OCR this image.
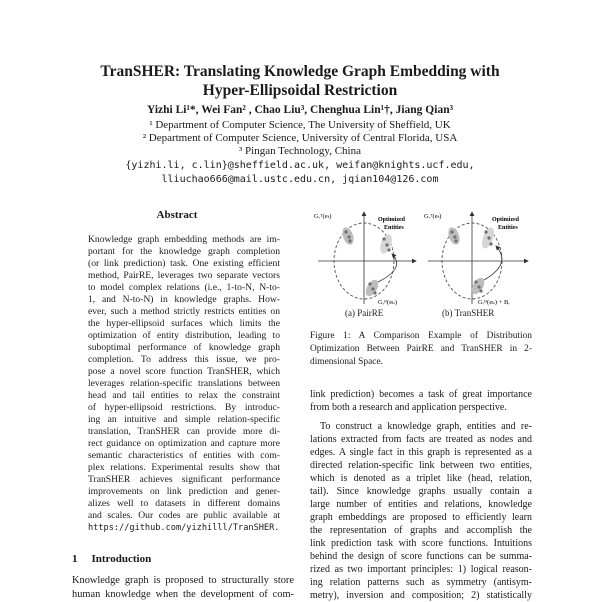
TranSHER: Translating Knowledge Graph Embedding with
Hyper-Ellipsoidal Restriction
Yizhi Li¹*, Wei Fan² , Chao Liu³, Chenghua Lin¹†, Jiang Qian³
¹ Department of Computer Science, The University of Sheffield, UK
² Department of Computer Science, University of Central Florida, USA
³ Pingan Technology, China
{yizhi.li, c.lin}@sheffield.ac.uk, weifan@knights.ucf.edu,
lliuchao666@mail.ustc.edu.cn, jqian104@126.com
Abstract
Knowledge graph embedding methods are im-
portant for the knowledge graph completion
(or link prediction) task. One existing efficient
method, PairRE, leverages two separate vectors
to model complex relations (i.e., 1-to-N, N-to-
1, and N-to-N) in knowledge graphs. How-
ever, such a method strictly restricts entities on
the hyper-ellipsoid surfaces which limits the
optimization of entity distribution, leading to
suboptimal performance of knowledge graph
completion. To address this issue, we pro-
pose a novel score function TranSHER, which
leverages relation-specific translations between
head and tail entities to relax the constraint
of hyper-ellipsoid restrictions. By introduc-
ing an intuitive and simple relation-specific
translation, TranSHER can provide more di-
rect guidance on optimization and capture more
semantic characteristics of entities with com-
plex relations. Experimental results show that
TranSHER achieves significant performance
improvements on link prediction and gener-
alizes well to datasets in different domains
and scales. Our codes are public available at
https://github.com/yizhilll/TranSHER.
1 Introduction
Knowledge graph is proposed to structurally store
human knowledge when the development of com-
Optimized
Entities
Gᵣᵀ(eₜ)
Gᵣᴴ(eₕ)
Optimized
Entities
Gᵣᵀ(eₜ)
Gᵣᴴ(eₕ) + Bᵣ
(a) PairRE	(b) TranSHER
Figure 1: A Comparison Example of Distribution
Optimization Between PairRE and TranSHER in 2-
dimensional Space.
link prediction) becomes a task of great importance
from both a research and application perspective.
To construct a knowledge graph, entities and re-
lations extracted from facts are treated as nodes and
edges. A single fact in this graph is represented as a
directed relation-specific link between two entities,
which is denoted as a triplet like (head, relation,
tail). Since knowledge graphs usually contain a
large number of entities and relations, knowledge
graph embeddings are proposed to efficiently learn
the representation of graphs and accomplish the
link prediction task with score functions. Intuitions
behind the design of score functions can be summa-
rized as two important principles: 1) logical reason-
ing relation patterns such as symmetry (antisym-
metry), inversion and composition; 2) statistically
